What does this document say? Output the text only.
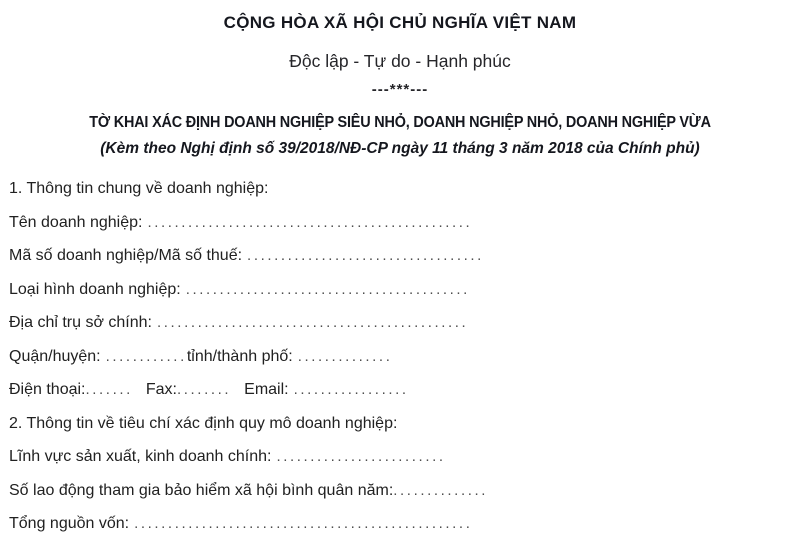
CỘNG HÒA XÃ HỘI CHỦ NGHĨA VIỆT NAM
Độc lập - Tự do - Hạnh phúc
---***---
TỜ KHAI XÁC ĐỊNH DOANH NGHIỆP SIÊU NHỎ, DOANH NGHIỆP NHỎ, DOANH NGHIỆP VỪA
(Kèm theo Nghị định số 39/2018/NĐ-CP ngày 11 tháng 3 năm 2018 của Chính phủ)
1. Thông tin chung về doanh nghiệp:
Tên doanh nghiệp: ................................................
Mã số doanh nghiệp/Mã số thuế: ...................................
Loại hình doanh nghiệp: ..........................................
Địa chỉ trụ sở chính: ..............................................
Quận/huyện: ............tỉnh/thành phố: ..............
Điện thoại:....... Fax:........ Email: .................
2. Thông tin về tiêu chí xác định quy mô doanh nghiệp:
Lĩnh vực sản xuất, kinh doanh chính: .........................
Số lao động tham gia bảo hiểm xã hội bình quân năm:..............
Tổng nguồn vốn: ..................................................
